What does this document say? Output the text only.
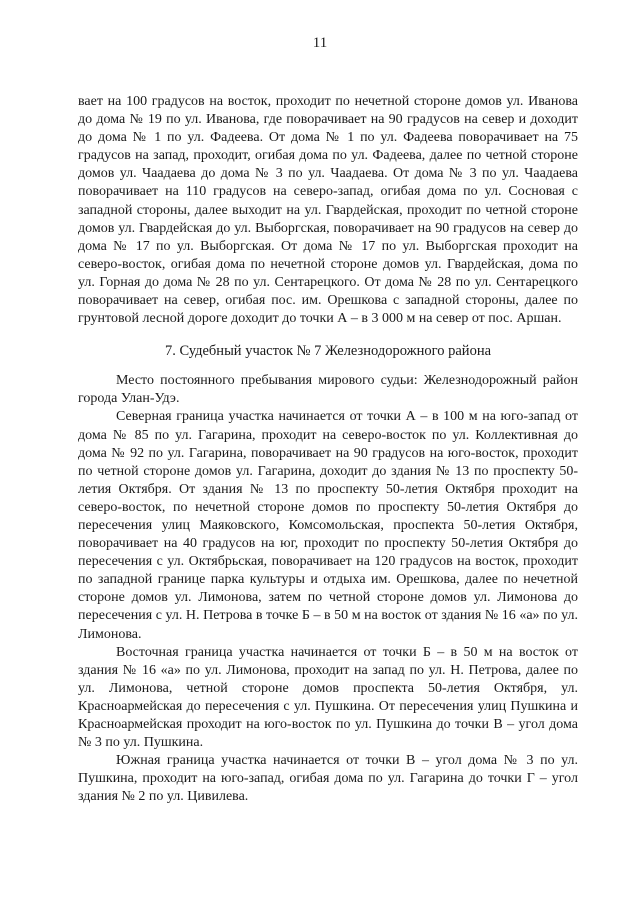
11

вает на 100 градусов на восток, проходит по нечетной стороне домов ул. Иванова до дома № 19 по ул. Иванова, где поворачивает на 90 градусов на север и доходит до дома № 1 по ул. Фадеева. От дома № 1 по ул. Фадеева поворачивает на 75 градусов на запад, проходит, огибая дома по ул. Фадеева, далее по четной стороне домов ул. Чаадаева до дома № 3 по ул. Чаадаева. От дома № 3 по ул. Чаадаева поворачивает на 110 градусов на северо-запад, огибая дома по ул. Сосновая с западной стороны, далее выходит на ул. Гвардейская, проходит по четной стороне домов ул. Гвардейская до ул. Выборгская, поворачивает на 90 градусов на север до дома № 17 по ул. Выборгская. От дома № 17 по ул. Выборгская проходит на северо-восток, огибая дома по нечетной стороне домов ул. Гвардейская, дома по ул. Горная до дома № 28 по ул. Сентарецкого. От дома № 28 по ул. Сентарецкого поворачивает на север, огибая пос. им. Орешкова с западной стороны, далее по грунтовой лесной дороге доходит до точки А – в 3 000 м на север от пос. Аршан.

7. Судебный участок № 7 Железнодорожного района

Место постоянного пребывания мирового судьи: Железнодорожный район города Улан-Удэ.

Северная граница участка начинается от точки А – в 100 м на юго-запад от дома № 85 по ул. Гагарина, проходит на северо-восток по ул. Коллективная до дома № 92 по ул. Гагарина, поворачивает на 90 градусов на юго-восток, проходит по четной стороне домов ул. Гагарина, доходит до здания № 13 по проспекту 50-летия Октября. От здания № 13 по проспекту 50-летия Октября проходит на северо-восток, по нечетной стороне домов по проспекту 50-летия Октября до пересечения улиц Маяковского, Комсомольская, проспекта 50-летия Октября, поворачивает на 40 градусов на юг, проходит по проспекту 50-летия Октября до пересечения с ул. Октябрьская, поворачивает на 120 градусов на восток, проходит по западной границе парка культуры и отдыха им. Орешкова, далее по нечетной стороне домов ул. Лимонова, затем по четной стороне домов ул. Лимонова до пересечения с ул. Н. Петрова в точке Б – в 50 м на восток от здания № 16 «а» по ул. Лимонова.

Восточная граница участка начинается от точки Б – в 50 м на восток от здания № 16 «а» по ул. Лимонова, проходит на запад по ул. Н. Петрова, далее по ул. Лимонова, четной стороне домов проспекта 50-летия Октября, ул. Красноармейская до пересечения с ул. Пушкина. От пересечения улиц Пушкина и Красноармейская проходит на юго-восток по ул. Пушкина до точки В – угол дома № 3 по ул. Пушкина.

Южная граница участка начинается от точки В – угол дома № 3 по ул. Пушкина, проходит на юго-запад, огибая дома по ул. Гагарина до точки Г – угол здания № 2 по ул. Цивилева.
